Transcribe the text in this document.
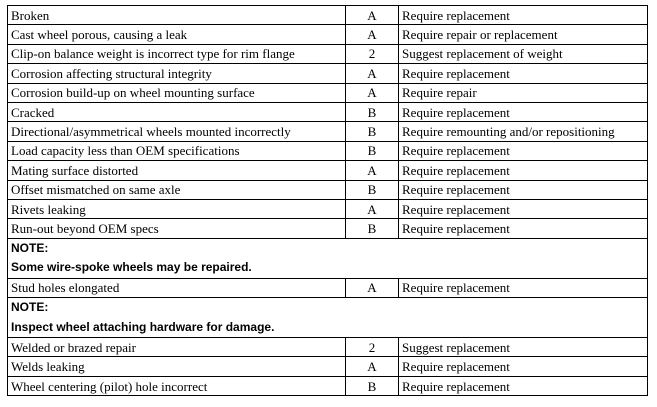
Broken	A	Require replacement
Cast wheel porous, causing a leak	A	Require repair or replacement
Clip-on balance weight is incorrect type for rim flange	2	Suggest replacement of weight
Corrosion affecting structural integrity	A	Require replacement
Corrosion build-up on wheel mounting surface	A	Require repair
Cracked	B	Require replacement
Directional/asymmetrical wheels mounted incorrectly	B	Require remounting and/or repositioning
Load capacity less than OEM specifications	B	Require replacement
Mating surface distorted	A	Require replacement
Offset mismatched on same axle	B	Require replacement
Rivets leaking	A	Require replacement
Run-out beyond OEM specs	B	Require replacement

NOTE:
Some wire-spoke wheels may be repaired.		

Stud holes elongated	A	Require replacement

NOTE:
Inspect wheel attaching hardware for damage.		

Welded or brazed repair	2	Suggest replacement
Welds leaking	A	Require replacement
Wheel centering (pilot) hole incorrect	B	Require replacement
